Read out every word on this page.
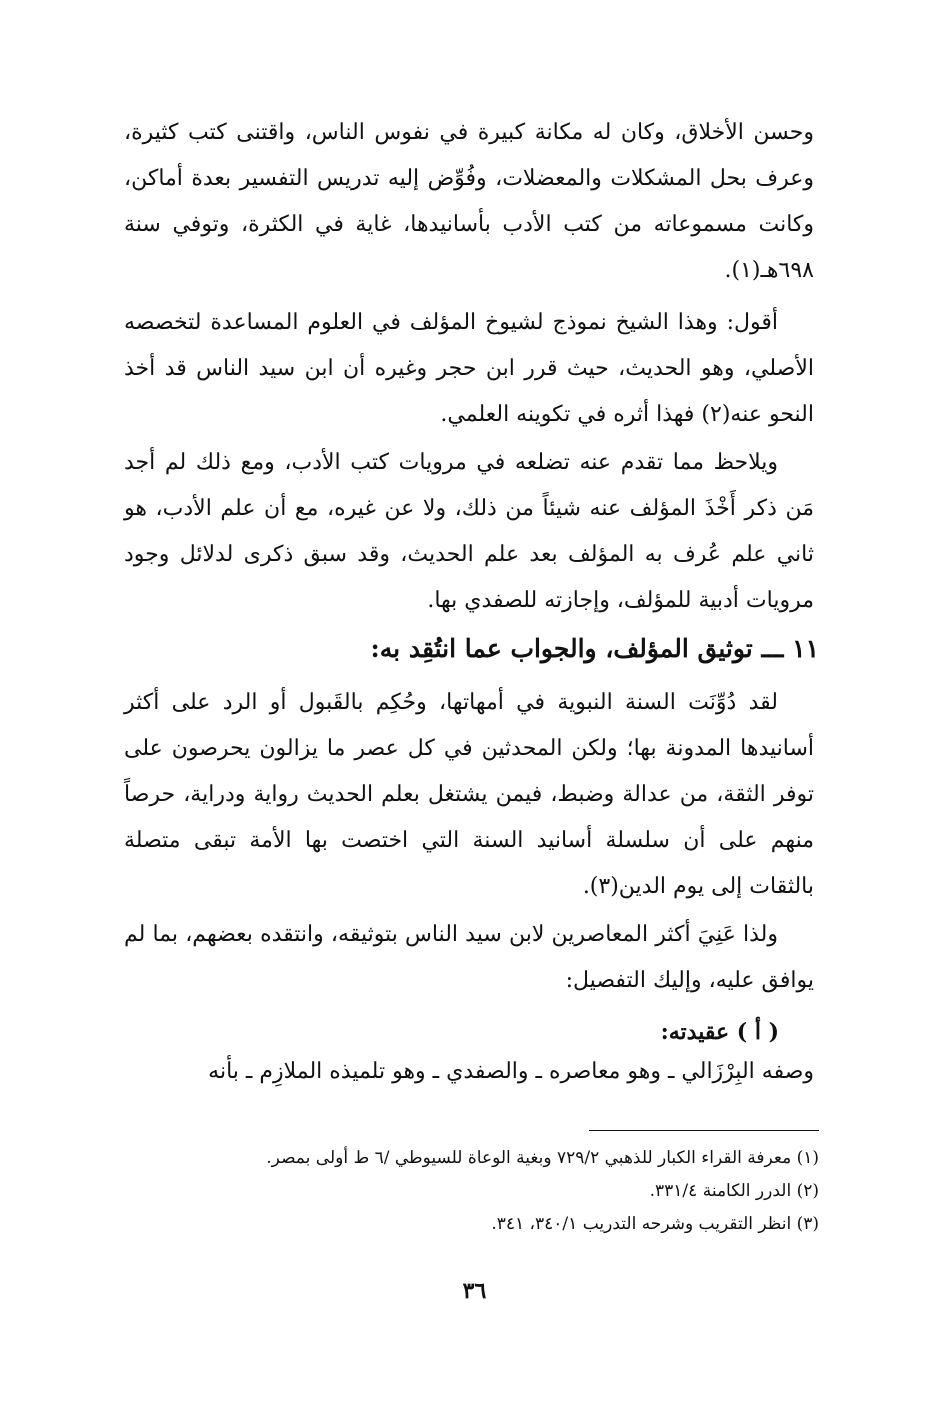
وحسن الأخلاق، وكان له مكانة كبيرة في نفوس الناس، واقتنى كتب كثيرة، وعرف بحل المشكلات والمعضلات، وفُوِّض إليه تدريس التفسير بعدة أماكن، وكانت مسموعاته من كتب الأدب بأسانيدها، غاية في الكثرة، وتوفي سنة ٦٩٨هـ(١).

أقول: وهذا الشيخ نموذج لشيوخ المؤلف في العلوم المساعدة لتخصصه الأصلي، وهو الحديث، حيث قرر ابن حجر وغيره أن ابن سيد الناس قد أخذ النحو عنه(٢) فهذا أثره في تكوينه العلمي.

ويلاحظ مما تقدم عنه تضلعه في مرويات كتب الأدب، ومع ذلك لم أجد مَن ذكر أَخْذَ المؤلف عنه شيئاً من ذلك، ولا عن غيره، مع أن علم الأدب، هو ثاني علم عُرف به المؤلف بعد علم الحديث، وقد سبق ذكرى لدلائل وجود مرويات أدبية للمؤلف، وإجازته للصفدي بها.

١١ ـــ توثيق المؤلف، والجواب عما انتُقِد به:

لقد دُوِّنَت السنة النبوية في أمهاتها، وحُكِم بالقَبول أو الرد على أكثر أسانيدها المدونة بها؛ ولكن المحدثين في كل عصر ما يزالون يحرصون على توفر الثقة، من عدالة وضبط، فيمن يشتغل بعلم الحديث رواية ودراية، حرصاً منهم على أن سلسلة أسانيد السنة التي اختصت بها الأمة تبقى متصلة بالثقات إلى يوم الدين(٣).

ولذا عَنِيَ أكثر المعاصرين لابن سيد الناس بتوثيقه، وانتقده بعضهم، بما لم يوافق عليه، وإليك التفصيل:

( أ ) عقيدته:
وصفه البِرْزَالي ـ وهو معاصره ـ والصفدي ـ وهو تلميذه الملازِم ـ بأنه

(١) معرفة القراء الكبار للذهبي ٧٢٩/٢ وبغية الوعاة للسيوطي /٦ ط أولى بمصر.

(٢) الدرر الكامنة ٣٣١/٤.

(٣) انظر التقريب وشرحه التدريب ٣٤٠/١، ٣٤١.

٣٦
